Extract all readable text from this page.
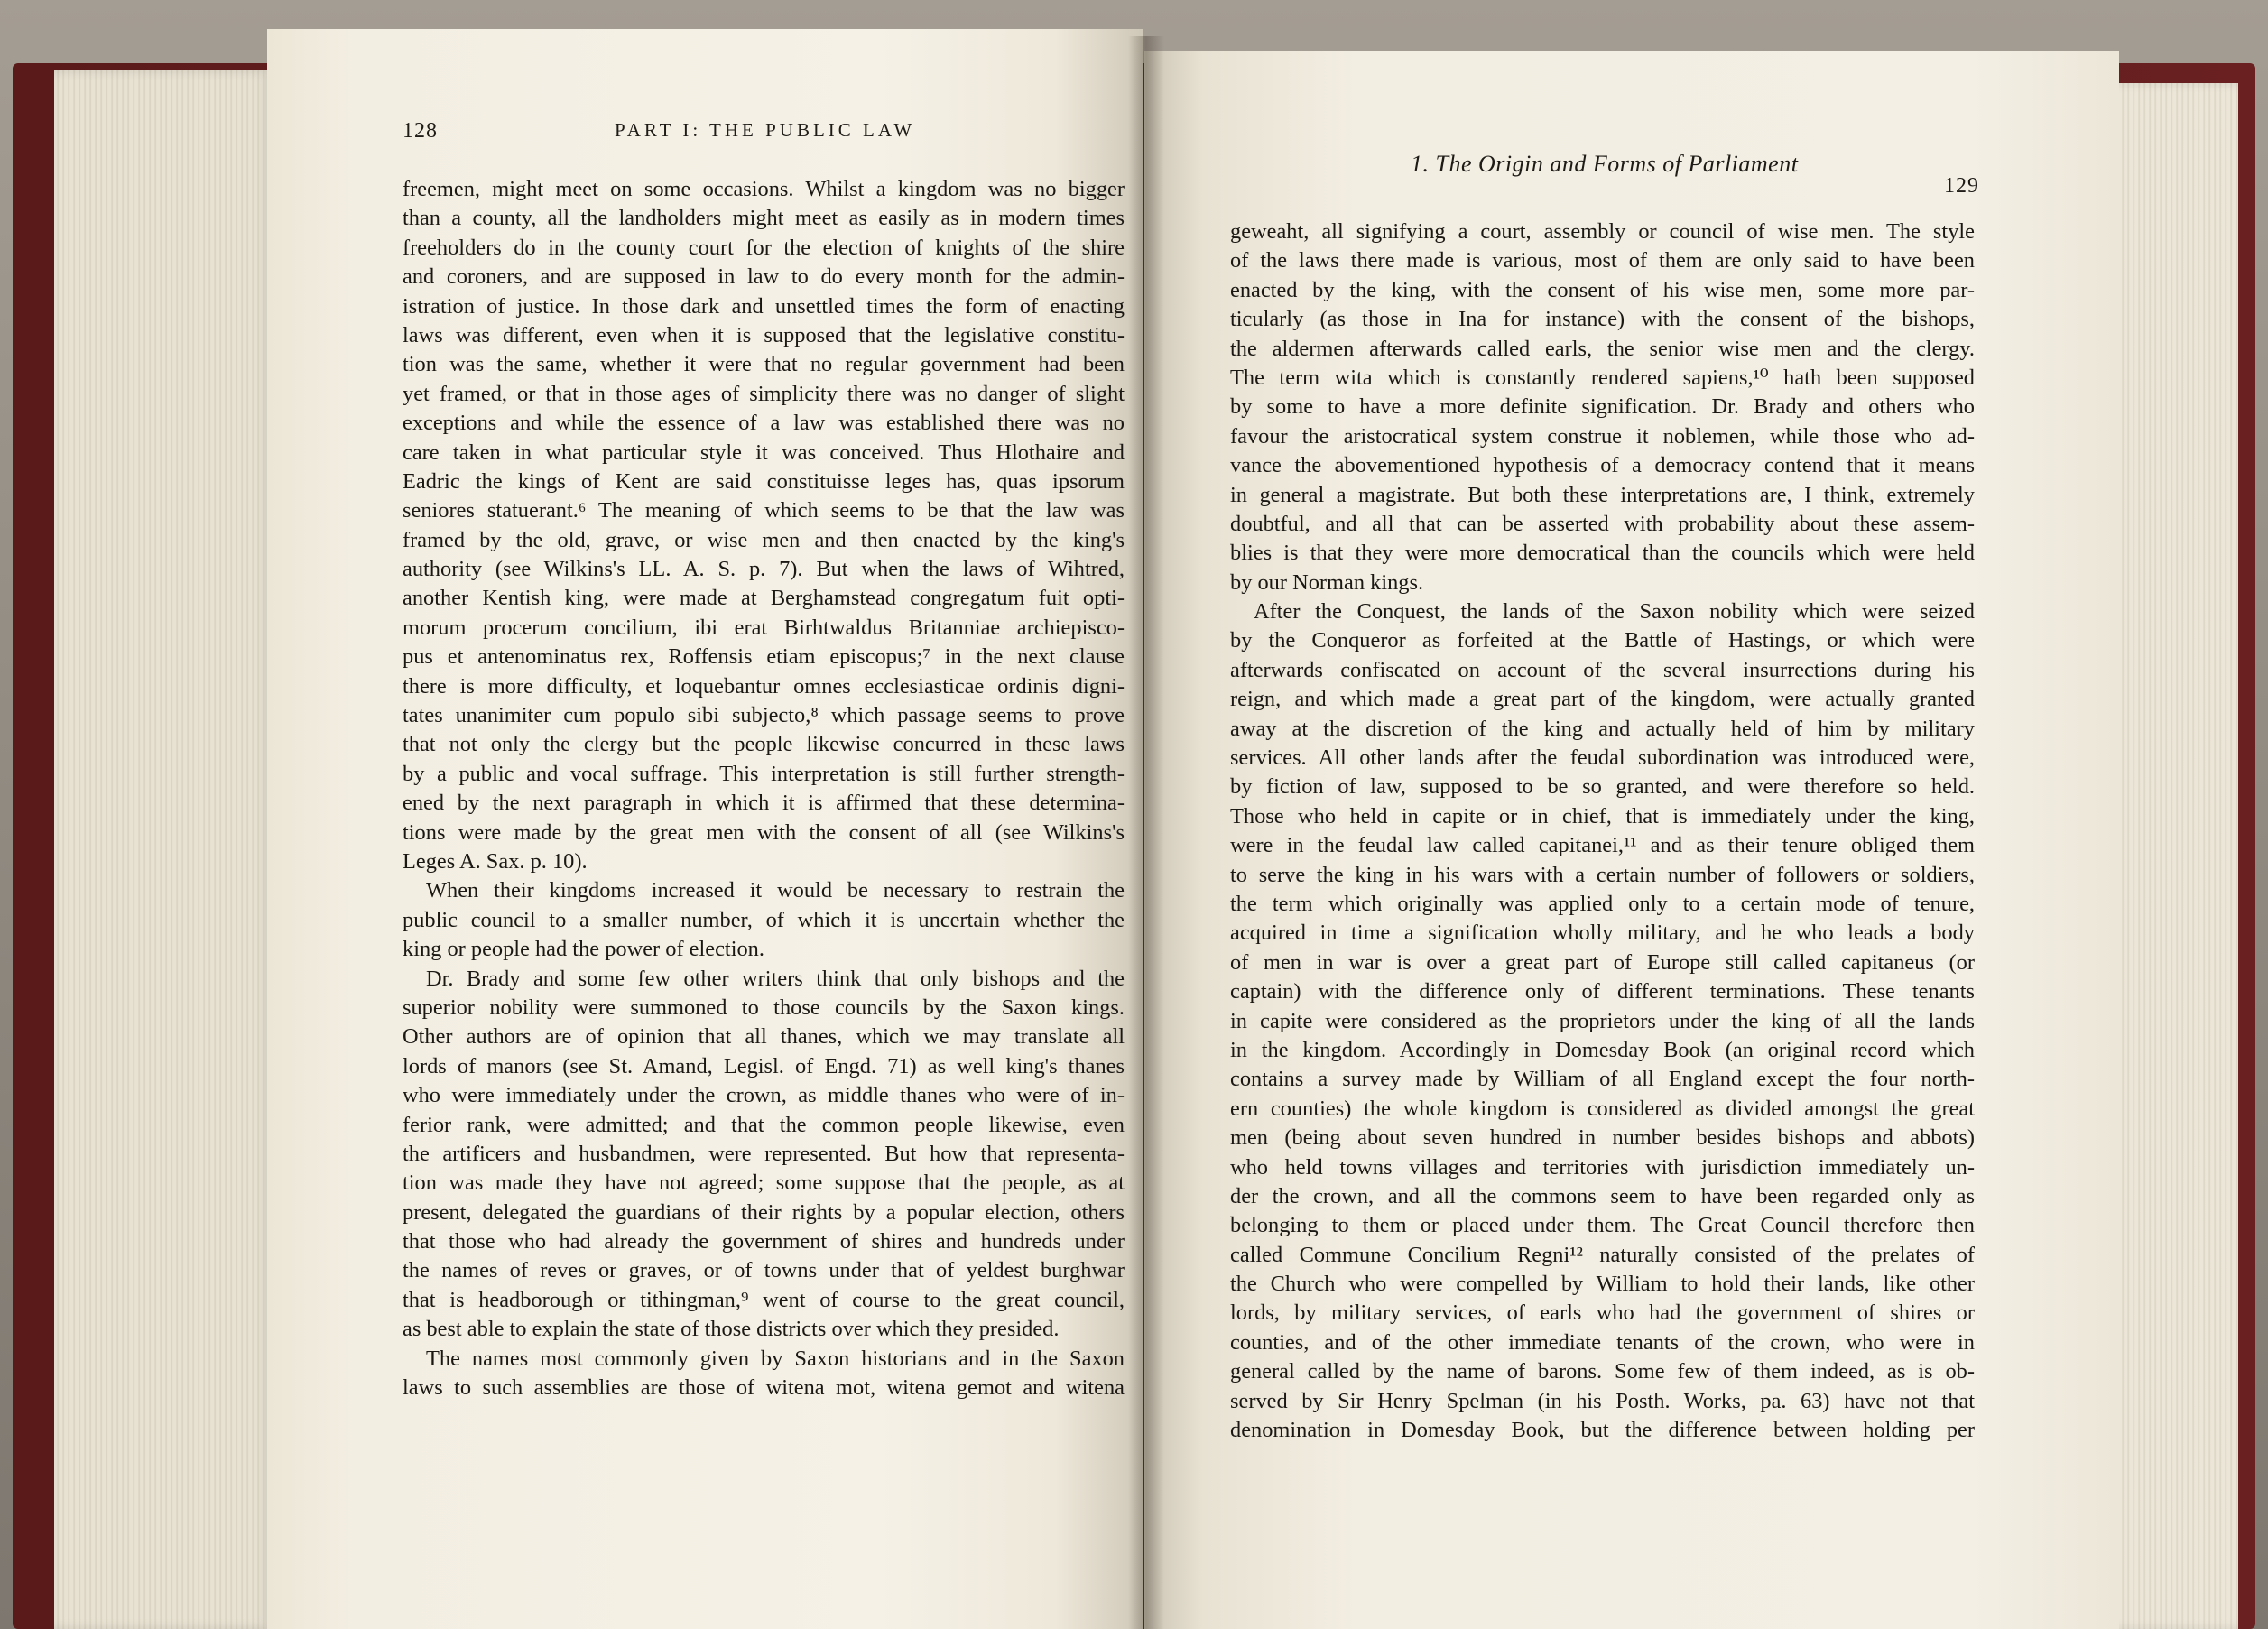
128	PART I: THE PUBLIC LAW
freemen, might meet on some occasions. Whilst a kingdom was no bigger
than a county, all the landholders might meet as easily as in modern times
freeholders do in the county court for the election of knights of the shire
and coroners, and are supposed in law to do every month for the admin-
istration of justice. In those dark and unsettled times the form of enacting
laws was different, even when it is supposed that the legislative constitu-
tion was the same, whether it were that no regular government had been
yet framed, or that in those ages of simplicity there was no danger of slight
exceptions and while the essence of a law was established there was no
care taken in what particular style it was conceived. Thus Hlothaire and
Eadric the kings of Kent are said constituisse leges has, quas ipsorum
seniores statuerant.⁶ The meaning of which seems to be that the law was
framed by the old, grave, or wise men and then enacted by the king's
authority (see Wilkins's LL. A. S. p. 7). But when the laws of Wihtred,
another Kentish king, were made at Berghamstead congregatum fuit opti-
morum procerum concilium, ibi erat Birhtwaldus Britanniae archiepisco-
pus et antenominatus rex, Roffensis etiam episcopus;⁷ in the next clause
there is more difficulty, et loquebantur omnes ecclesiasticae ordinis digni-
tates unanimiter cum populo sibi subjecto,⁸ which passage seems to prove
that not only the clergy but the people likewise concurred in these laws
by a public and vocal suffrage. This interpretation is still further strength-
ened by the next paragraph in which it is affirmed that these determina-
tions were made by the great men with the consent of all (see Wilkins's
Leges A. Sax. p. 10).
When their kingdoms increased it would be necessary to restrain the
public council to a smaller number, of which it is uncertain whether the
king or people had the power of election.
Dr. Brady and some few other writers think that only bishops and the
superior nobility were summoned to those councils by the Saxon kings.
Other authors are of opinion that all thanes, which we may translate all
lords of manors (see St. Amand, Legisl. of Engd. 71) as well king's thanes
who were immediately under the crown, as middle thanes who were of in-
ferior rank, were admitted; and that the common people likewise, even
the artificers and husbandmen, were represented. But how that representa-
tion was made they have not agreed; some suppose that the people, as at
present, delegated the guardians of their rights by a popular election, others
that those who had already the government of shires and hundreds under
the names of reves or graves, or of towns under that of yeldest burghwar
that is headborough or tithingman,⁹ went of course to the great council,
as best able to explain the state of those districts over which they presided.
The names most commonly given by Saxon historians and in the Saxon
laws to such assemblies are those of witena mot, witena gemot and witena
1. The Origin and Forms of Parliament
129
geweaht, all signifying a court, assembly or council of wise men. The style
of the laws there made is various, most of them are only said to have been
enacted by the king, with the consent of his wise men, some more par-
ticularly (as those in Ina for instance) with the consent of the bishops,
the aldermen afterwards called earls, the senior wise men and the clergy.
The term wita which is constantly rendered sapiens,¹⁰ hath been supposed
by some to have a more definite signification. Dr. Brady and others who
favour the aristocratical system construe it noblemen, while those who ad-
vance the abovementioned hypothesis of a democracy contend that it means
in general a magistrate. But both these interpretations are, I think, extremely
doubtful, and all that can be asserted with probability about these assem-
blies is that they were more democratical than the councils which were held
by our Norman kings.
After the Conquest, the lands of the Saxon nobility which were seized
by the Conqueror as forfeited at the Battle of Hastings, or which were
afterwards confiscated on account of the several insurrections during his
reign, and which made a great part of the kingdom, were actually granted
away at the discretion of the king and actually held of him by military
services. All other lands after the feudal subordination was introduced were,
by fiction of law, supposed to be so granted, and were therefore so held.
Those who held in capite or in chief, that is immediately under the king,
were in the feudal law called capitanei,¹¹ and as their tenure obliged them
to serve the king in his wars with a certain number of followers or soldiers,
the term which originally was applied only to a certain mode of tenure,
acquired in time a signification wholly military, and he who leads a body
of men in war is over a great part of Europe still called capitaneus (or
captain) with the difference only of different terminations. These tenants
in capite were considered as the proprietors under the king of all the lands
in the kingdom. Accordingly in Domesday Book (an original record which
contains a survey made by William of all England except the four north-
ern counties) the whole kingdom is considered as divided amongst the great
men (being about seven hundred in number besides bishops and abbots)
who held towns villages and territories with jurisdiction immediately un-
der the crown, and all the commons seem to have been regarded only as
belonging to them or placed under them. The Great Council therefore then
called Commune Concilium Regni¹² naturally consisted of the prelates of
the Church who were compelled by William to hold their lands, like other
lords, by military services, of earls who had the government of shires or
counties, and of the other immediate tenants of the crown, who were in
general called by the name of barons. Some few of them indeed, as is ob-
served by Sir Henry Spelman (in his Posth. Works, pa. 63) have not that
denomination in Domesday Book, but the difference between holding per
